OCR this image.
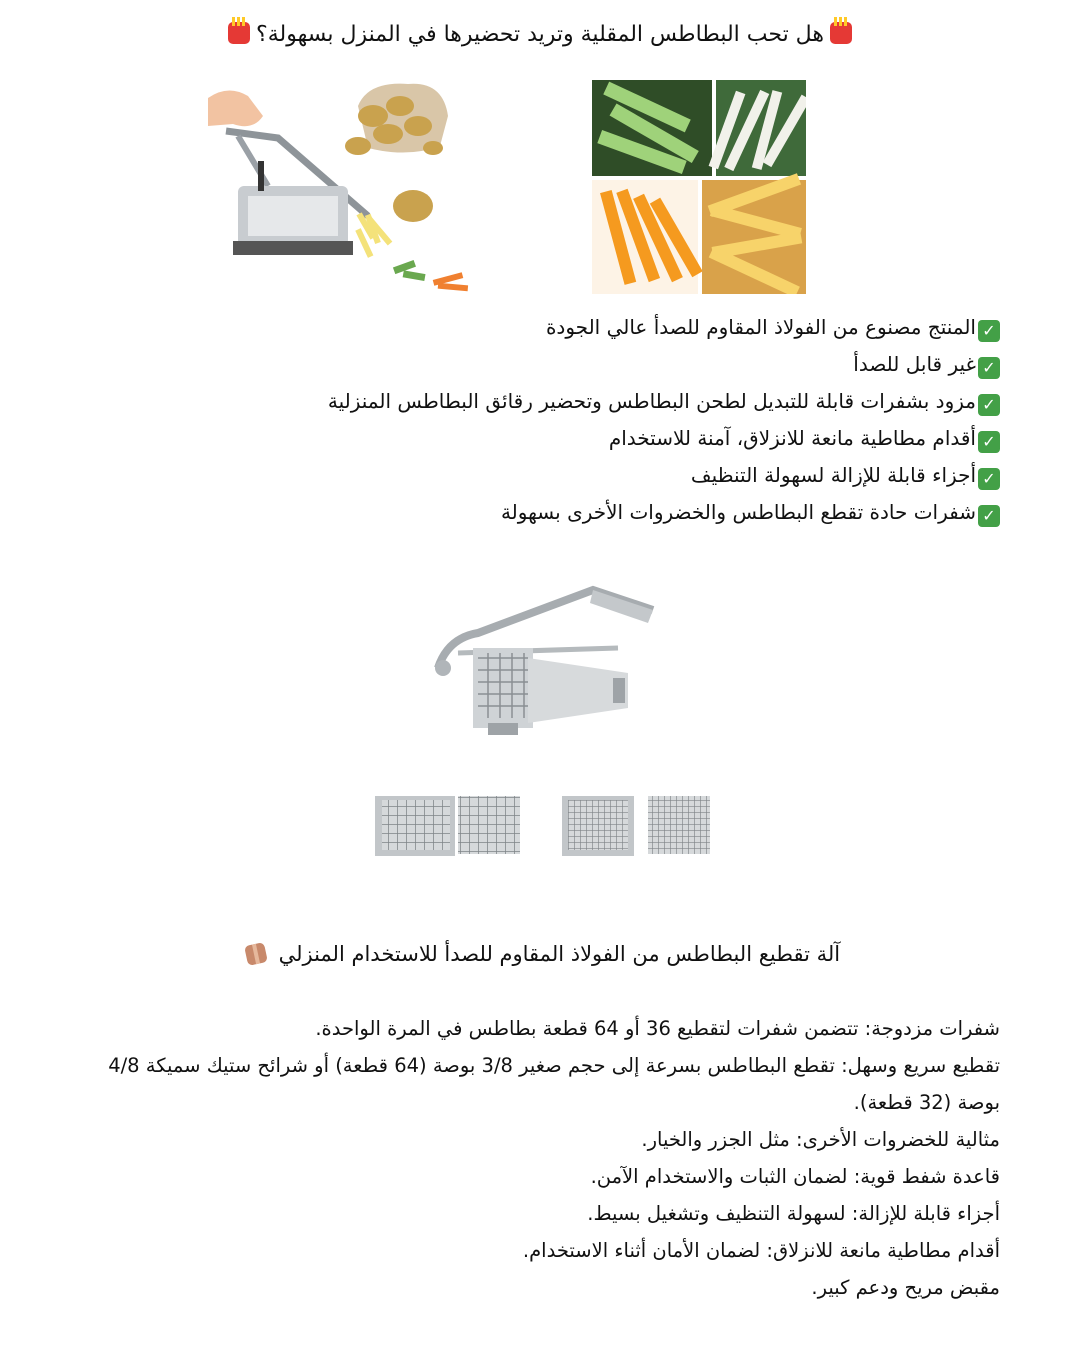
هل تحب البطاطس المقلية وتريد تحضيرها في المنزل بسهولة؟
✓المنتج مصنوع من الفولاذ المقاوم للصدأ عالي الجودة
✓غير قابل للصدأ
✓مزود بشفرات قابلة للتبديل لطحن البطاطس وتحضير رقائق البطاطس المنزلية
✓أقدام مطاطية مانعة للانزلاق، آمنة للاستخدام
✓أجزاء قابلة للإزالة لسهولة التنظيف
✓شفرات حادة تقطع البطاطس والخضروات الأخرى بسهولة
آلة تقطيع البطاطس من الفولاذ المقاوم للصدأ للاستخدام المنزلي
شفرات مزدوجة: تتضمن شفرات لتقطيع 36 أو 64 قطعة بطاطس في المرة الواحدة.
تقطيع سريع وسهل: تقطع البطاطس بسرعة إلى حجم صغير 3/8 بوصة (64 قطعة) أو شرائح ستيك سميكة 4/8 بوصة (32 قطعة).
مثالية للخضروات الأخرى: مثل الجزر والخيار.
قاعدة شفط قوية: لضمان الثبات والاستخدام الآمن.
أجزاء قابلة للإزالة: لسهولة التنظيف وتشغيل بسيط.
أقدام مطاطية مانعة للانزلاق: لضمان الأمان أثناء الاستخدام.
مقبض مريح ودعم كبير.
